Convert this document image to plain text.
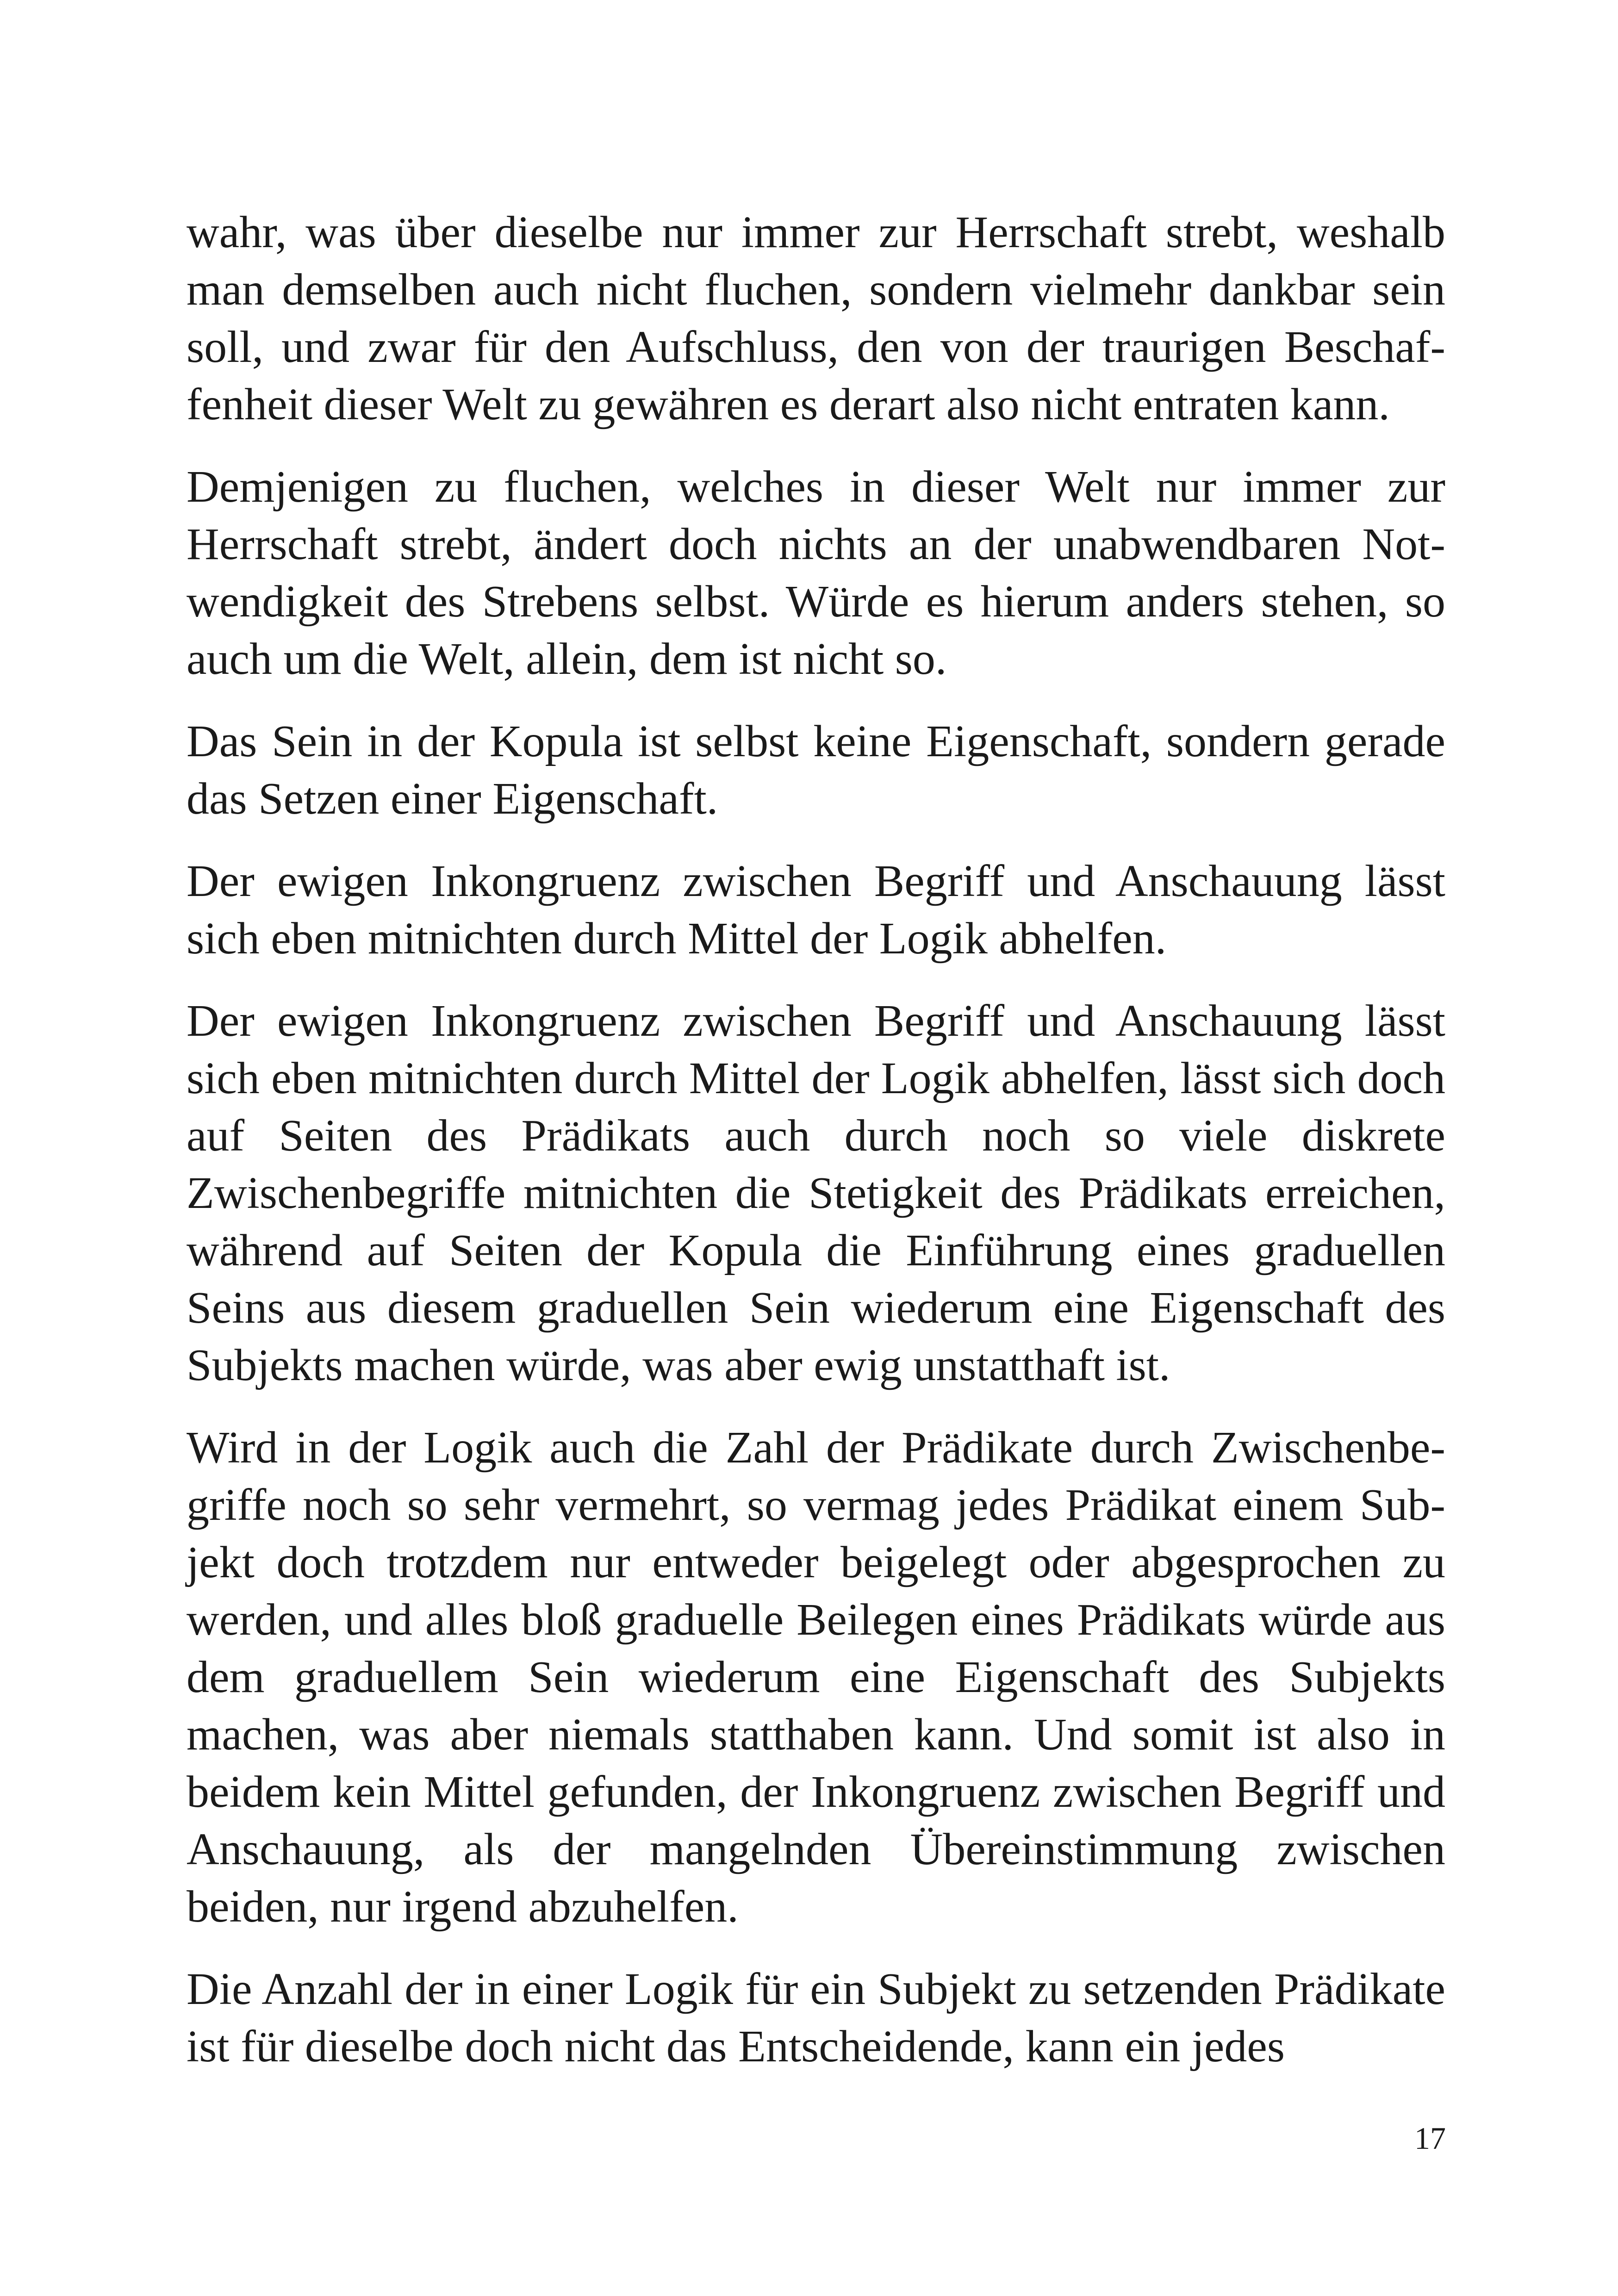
wahr, was über dieselbe nur immer zur Herrschaft strebt, weshalb man demselben auch nicht fluchen, sondern vielmehr dankbar sein soll, und zwar für den Aufschluss, den von der traurigen Beschaffenheit dieser Welt zu gewähren es derart also nicht entraten kann.

Demjenigen zu fluchen, welches in dieser Welt nur immer zur Herrschaft strebt, ändert doch nichts an der unabwendbaren Notwendigkeit des Strebens selbst. Würde es hierum anders stehen, so auch um die Welt, allein, dem ist nicht so.

Das Sein in der Kopula ist selbst keine Eigenschaft, sondern gerade das Setzen einer Eigenschaft.

Der ewigen Inkongruenz zwischen Begriff und Anschauung lässt sich eben mitnichten durch Mittel der Logik abhelfen.

Der ewigen Inkongruenz zwischen Begriff und Anschauung lässt sich eben mitnichten durch Mittel der Logik abhelfen, lässt sich doch auf Seiten des Prädikats auch durch noch so viele diskrete Zwischenbegriffe mitnichten die Stetigkeit des Prädikats erreichen, während auf Seiten der Kopula die Einführung eines graduellen Seins aus diesem graduellen Sein wiederum eine Eigenschaft des Subjekts machen würde, was aber ewig unstatthaft ist.

Wird in der Logik auch die Zahl der Prädikate durch Zwischenbegriffe noch so sehr vermehrt, so vermag jedes Prädikat einem Subjekt doch trotzdem nur entweder beigelegt oder abgesprochen zu werden, und alles bloß graduelle Beilegen eines Prädikats würde aus dem graduellem Sein wiederum eine Eigenschaft des Subjekts machen, was aber niemals statthaben kann. Und somit ist also in beidem kein Mittel gefunden, der Inkongruenz zwischen Begriff und Anschauung, als der mangelnden Übereinstimmung zwischen beiden, nur irgend abzuhelfen.

Die Anzahl der in einer Logik für ein Subjekt zu setzenden Prädikate ist für dieselbe doch nicht das Entscheidende, kann ein jedes

17
